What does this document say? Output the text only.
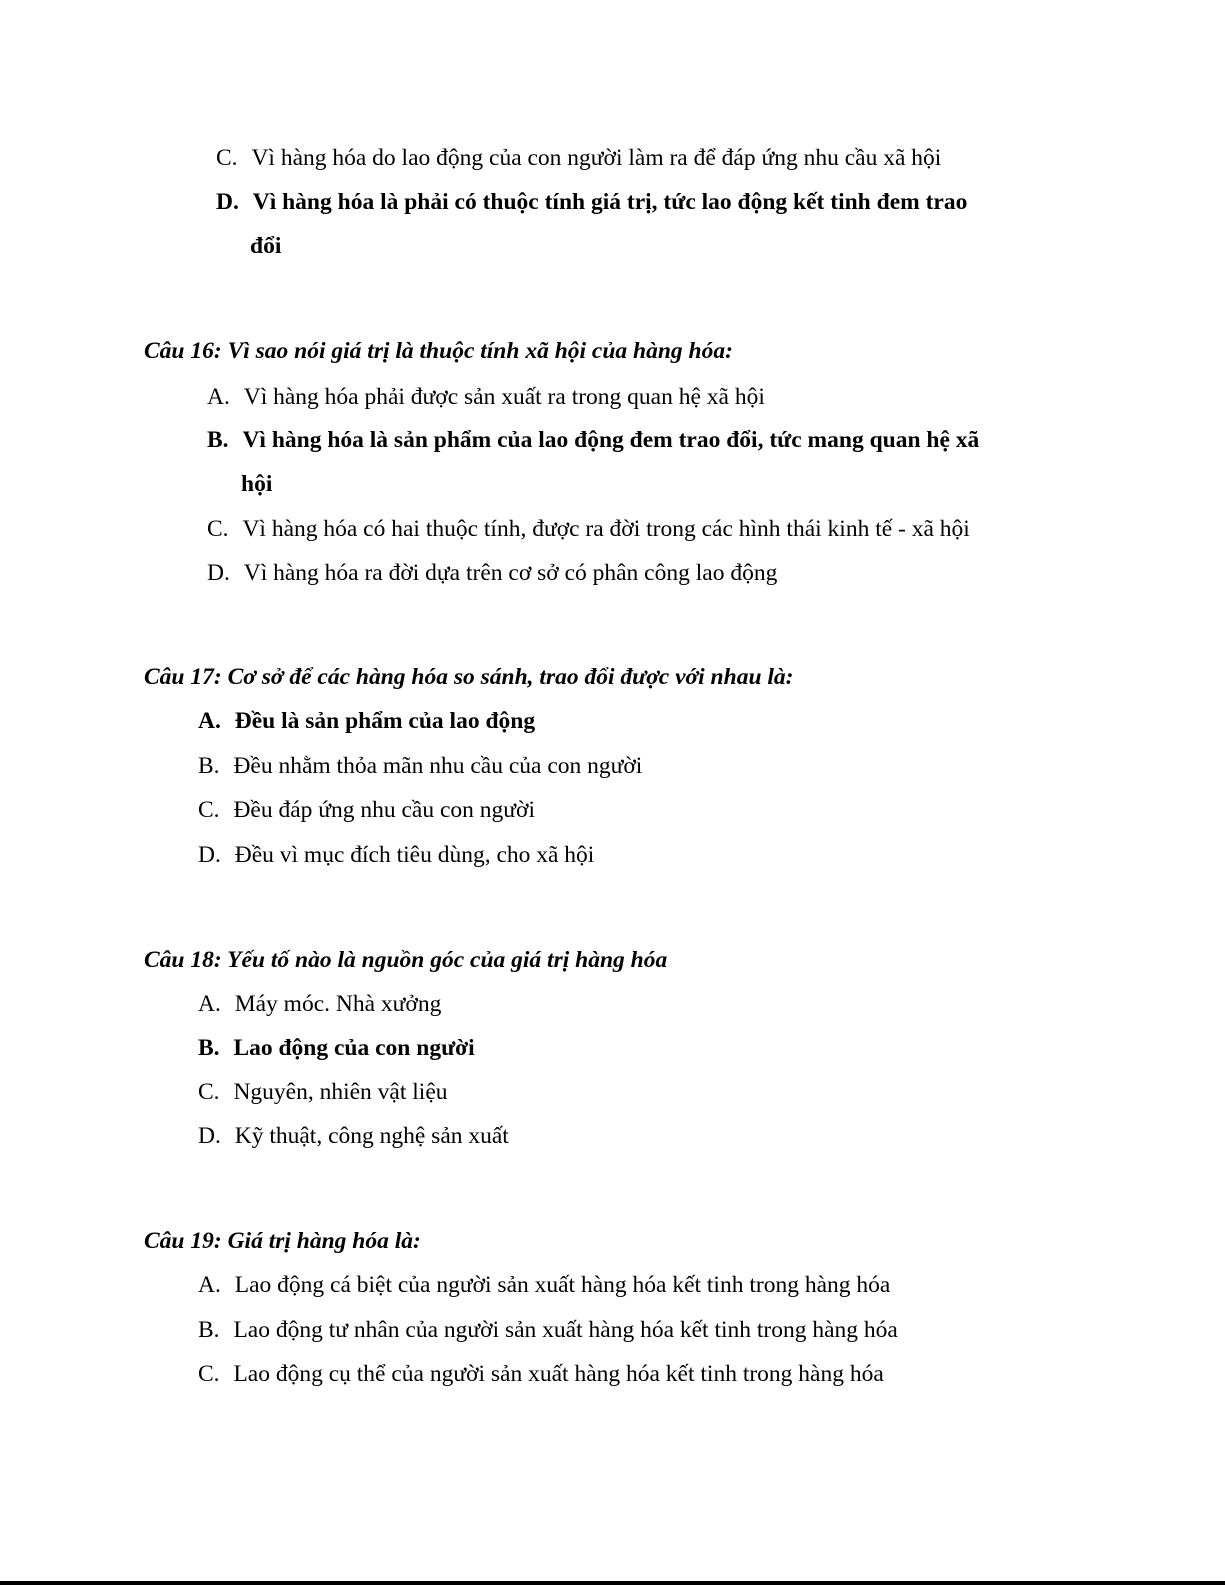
C. Vì hàng hóa do lao động của con người làm ra để đáp ứng nhu cầu xã hội
D. Vì hàng hóa là phải có thuộc tính giá trị, tức lao động kết tinh đem trao
đổi
Câu 16: Vì sao nói giá trị là thuộc tính xã hội của hàng hóa:
A. Vì hàng hóa phải được sản xuất ra trong quan hệ xã hội
B. Vì hàng hóa là sản phẩm của lao động đem trao đổi, tức mang quan hệ xã
hội
C. Vì hàng hóa có hai thuộc tính, được ra đời trong các hình thái kinh tế - xã hội
D. Vì hàng hóa ra đời dựa trên cơ sở có phân công lao động
Câu 17: Cơ sở để các hàng hóa so sánh, trao đổi được với nhau là:
A. Đều là sản phẩm của lao động
B. Đều nhằm thỏa mãn nhu cầu của con người
C. Đều đáp ứng nhu cầu con người
D. Đều vì mục đích tiêu dùng, cho xã hội
Câu 18: Yếu tố nào là nguồn góc của giá trị hàng hóa
A. Máy móc. Nhà xưởng
B. Lao động của con người
C. Nguyên, nhiên vật liệu
D. Kỹ thuật, công nghệ sản xuất
Câu 19: Giá trị hàng hóa là:
A. Lao động cá biệt của người sản xuất hàng hóa kết tinh trong hàng hóa
B. Lao động tư nhân của người sản xuất hàng hóa kết tinh trong hàng hóa
C. Lao động cụ thể của người sản xuất hàng hóa kết tinh trong hàng hóa
